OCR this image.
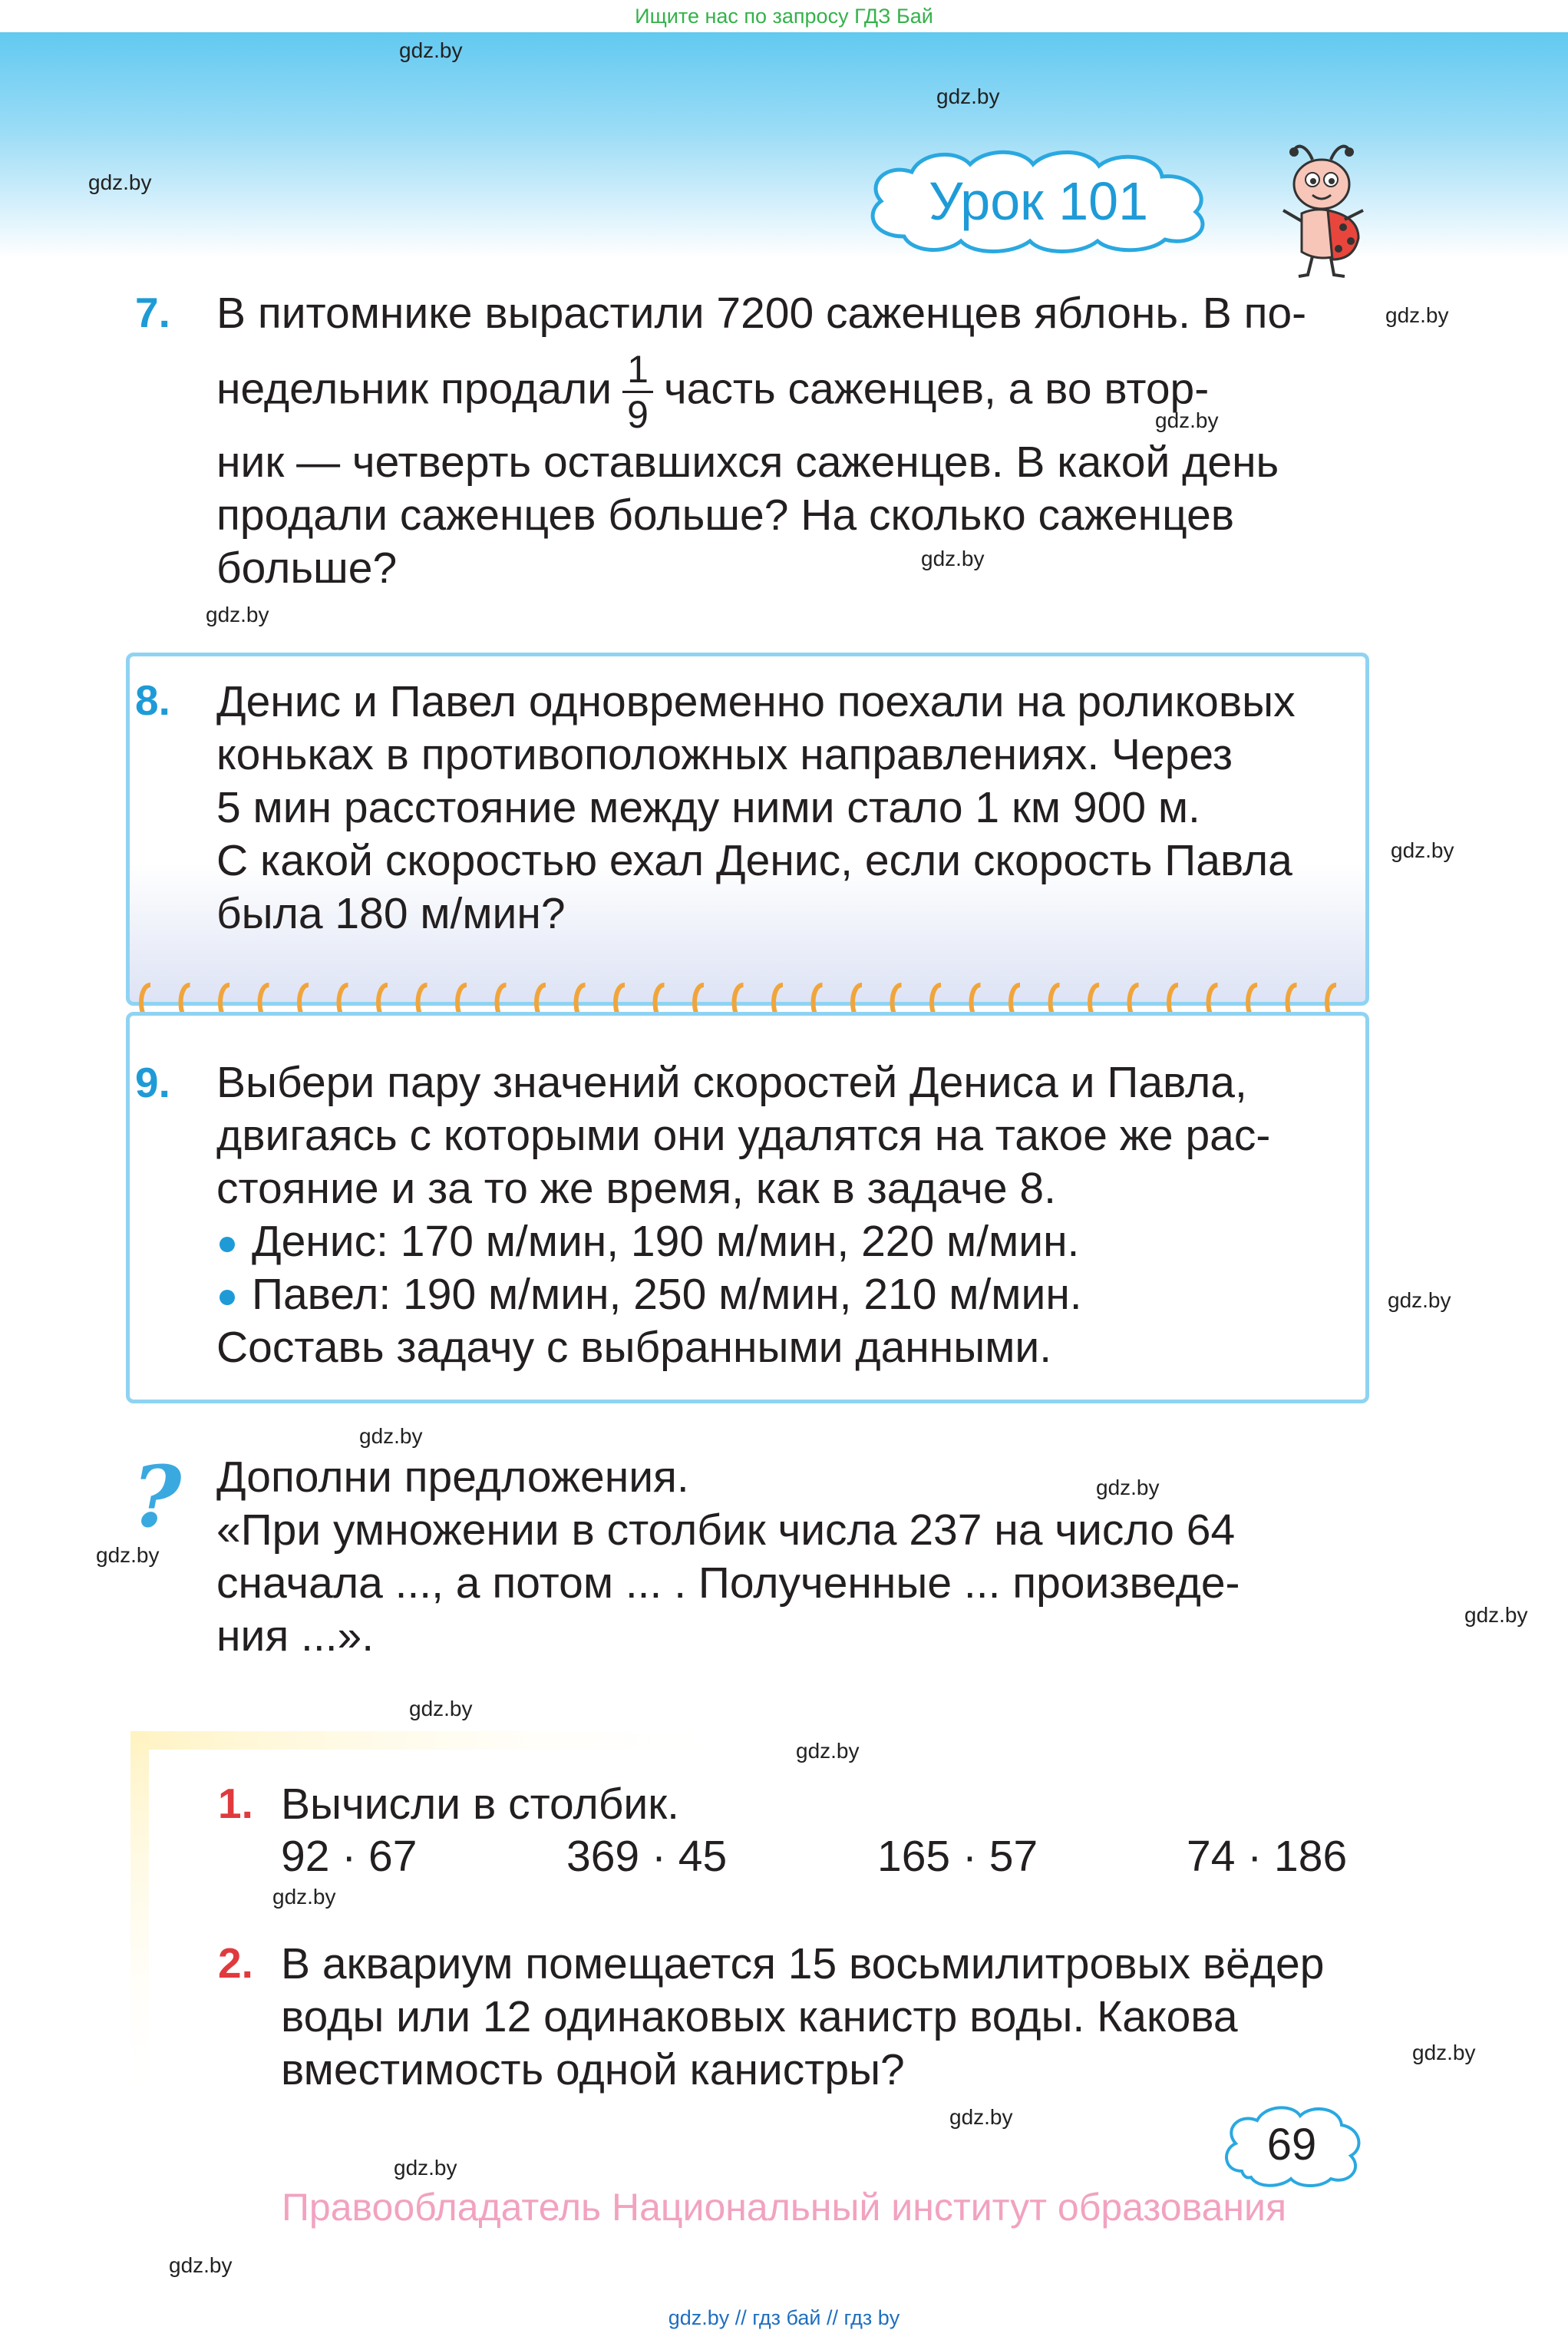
Ищите нас по запросу ГДЗ Бай
gdz.by
gdz.by
gdz.by
gdz.by
gdz.by
gdz.by
gdz.by
gdz.by
gdz.by
gdz.by
gdz.by
gdz.by
gdz.by
gdz.by
gdz.by
gdz.by
gdz.by
gdz.by
gdz.by
gdz.by
Урок 101
7. В питомнике вырастили 7200 саженцев яблонь. В по-
недельник продали $\frac{1}{9}$ часть саженцев, а во втор-
ник — четверть оставшихся саженцев. В какой день
продали саженцев больше? На сколько саженцев
больше?
8. Денис и Павел одновременно поехали на роликовых
коньках в противоположных направлениях. Через
5 мин расстояние между ними стало 1 км 900 м.
С какой скоростью ехал Денис, если скорость Павла
была 180 м/мин?
9. Выбери пару значений скоростей Дениса и Павла,
двигаясь с которыми они удалятся на такое же рас-
стояние и за то же время, как в задаче 8.
Денис: 170 м/мин, 190 м/мин, 220 м/мин.
Павел: 190 м/мин, 250 м/мин, 210 м/мин.
Составь задачу с выбранными данными.
? Дополни предложения.
«При умножении в столбик числа 237 на число 64
сначала ..., а потом ... . Полученные ... произведе-
ния ...».
1. Вычисли в столбик.
92 · 67	369 · 45	165 · 57	74 · 186
2. В аквариум помещается 15 восьмилитровых вёдер
воды или 12 одинаковых канистр воды. Какова
вместимость одной канистры?
69
Правообладатель Национальный институт образования
gdz.by // гдз бай // гдз by
